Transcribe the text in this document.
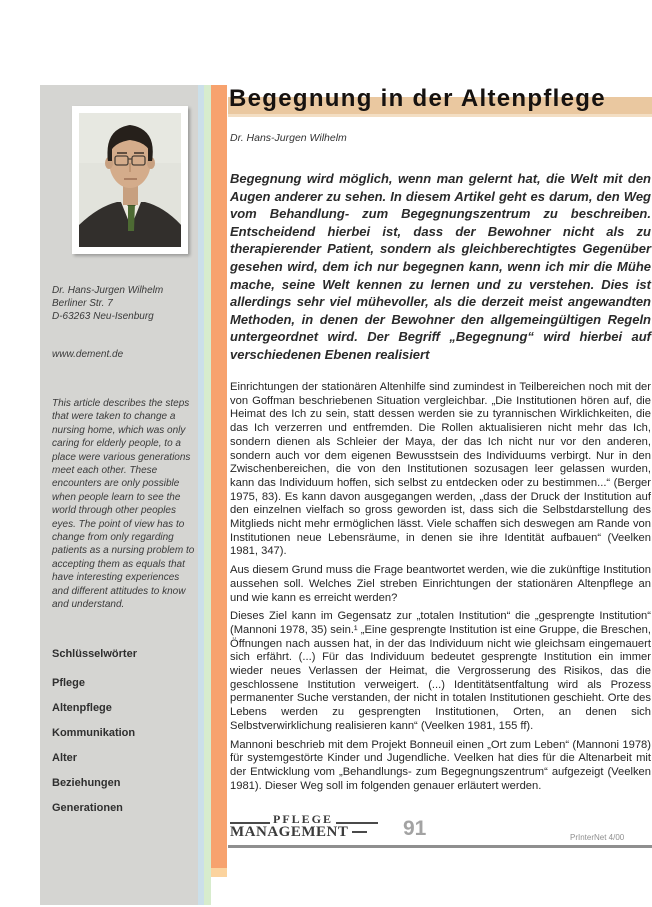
Dr. Hans-Jurgen Wilhelm
Berliner Str. 7
D-63263 Neu-Isenburg
www.dement.de
This article describes the steps that were taken to change a nursing home, which was only caring for elderly people, to a place were various generations meet each other. These encounters are only possible when people learn to see the world through other peoples eyes. The point of view has to change from only regarding patients as a nursing problem to accepting them as equals that have interesting experiences and different attitudes to know and understand.
Schlüsselwörter
Pflege
Altenpflege
Kommunikation
Alter
Beziehungen
Generationen
Begegnung in der Altenpflege
Dr. Hans-Jurgen Wilhelm
Begegnung wird möglich, wenn man gelernt hat, die Welt mit den Augen anderer zu sehen. In diesem Artikel geht es darum, den Weg vom Behandlung- zum Begegnungszentrum zu beschreiben. Entscheidend hierbei ist, dass der Bewohner nicht als zu therapierender Patient, sondern als gleichberechtigtes Gegenüber gesehen wird, dem ich nur begegnen kann, wenn ich mir die Mühe mache, seine Welt kennen zu lernen und zu verstehen. Dies ist allerdings sehr viel mühevoller, als die derzeit meist angewandten Methoden, in denen der Bewohner den allgemeingültigen Regeln untergeordnet wird. Der Begriff „Begegnung“ wird hierbei auf verschiedenen Ebenen realisiert

Einrichtungen der stationären Altenhilfe sind zumindest in Teilbereichen noch mit der von Goffman beschriebenen Situation vergleichbar. „Die Institutionen hören auf, die Heimat des Ich zu sein, statt dessen werden sie zu tyrannischen Wirklichkeiten, die das Ich verzerren und entfremden. Die Rollen aktualisieren nicht mehr das Ich, sondern dienen als Schleier der Maya, der das Ich nicht nur vor den anderen, sondern auch vor dem eigenen Bewusstsein des Individuums verbirgt. Nur in den Zwischenbereichen, die von den Institutionen sozusagen leer gelassen wurden, kann das Individuum hoffen, sich selbst zu entdecken oder zu bestimmen...“ (Berger 1975, 83). Es kann davon ausgegangen werden, „dass der Druck der Institution auf den einzelnen vielfach so gross geworden ist, dass sich die Selbstdarstellung des Mitglieds nicht mehr ermöglichen lässt. Viele schaffen sich deswegen am Rande von Institutionen neue Lebensräume, in denen sie ihre Identität aufbauen“ (Veelken 1981, 347).

Aus diesem Grund muss die Frage beantwortet werden, wie die zukünftige Institution aussehen soll. Welches Ziel streben Einrichtungen der stationären Altenpflege an und wie kann es erreicht werden?

Dieses Ziel kann im Gegensatz zur „totalen Institution“ die „gesprengte Institution“ (Mannoni 1978, 35) sein.¹ „Eine gesprengte Institution ist eine Gruppe, die Breschen, Öffnungen nach aussen hat, in der das Individuum nicht wie gleichsam eingemauert sich erfährt. (...) Für das Individuum bedeutet gesprengte Institution ein immer wieder neues Verlassen der Heimat, die Vergrosserung des Risikos, das die geschlossene Institution verweigert. (...) Identitätsentfaltung wird als Prozess permanenter Suche verstanden, der nicht in totalen Institutionen geschieht. Orte des Lebens werden zu gesprengten Institutionen, Orten, an denen sich Selbstverwirklichung realisieren kann“ (Veelken 1981, 155 ff).

Mannoni beschrieb mit dem Projekt Bonneuil einen „Ort zum Leben“ (Mannoni 1978) für systemgestörte Kinder und Jugendliche. Veelken hat dies für die Altenarbeit mit der Entwicklung vom „Behandlungs- zum Begegnungszentrum“ aufgezeigt (Veelken 1981). Dieser Weg soll im folgenden genauer erläutert werden.

PFLEGE
MANAGEMENT	91	PrInterNet 4/00
